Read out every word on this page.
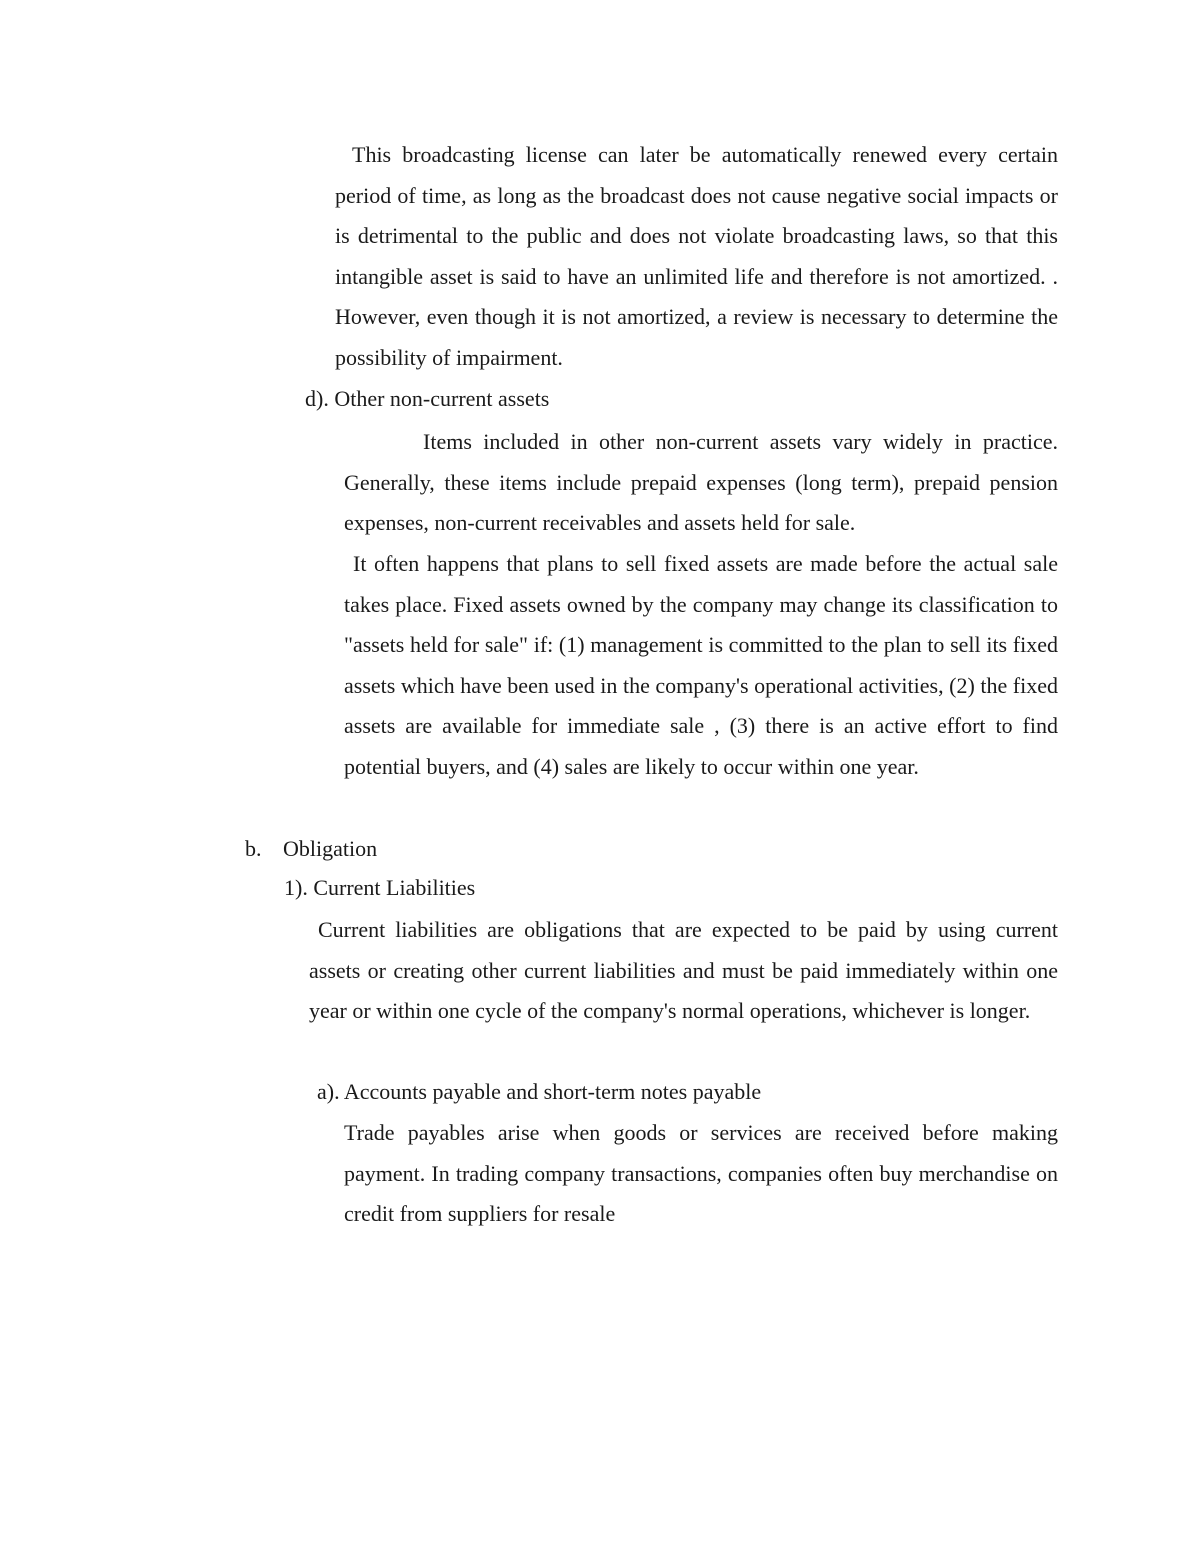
This broadcasting license can later be automatically renewed every certain period of time, as long as the broadcast does not cause negative social impacts or is detrimental to the public and does not violate broadcasting laws, so that this intangible asset is said to have an unlimited life and therefore is not amortized. . However, even though it is not amortized, a review is necessary to determine the possibility of impairment.

d). Other non-current assets

Items included in other non-current assets vary widely in practice. Generally, these items include prepaid expenses (long term), prepaid pension expenses, non-current receivables and assets held for sale.

It often happens that plans to sell fixed assets are made before the actual sale takes place. Fixed assets owned by the company may change its classification to "assets held for sale" if: (1) management is committed to the plan to sell its fixed assets which have been used in the company's operational activities, (2) the fixed assets are available for immediate sale , (3) there is an active effort to find potential buyers, and (4) sales are likely to occur within one year.

b. Obligation
1). Current Liabilities

Current liabilities are obligations that are expected to be paid by using current assets or creating other current liabilities and must be paid immediately within one year or within one cycle of the company's normal operations, whichever is longer.

a). Accounts payable and short-term notes payable

Trade payables arise when goods or services are received before making payment. In trading company transactions, companies often buy merchandise on credit from suppliers for resale
